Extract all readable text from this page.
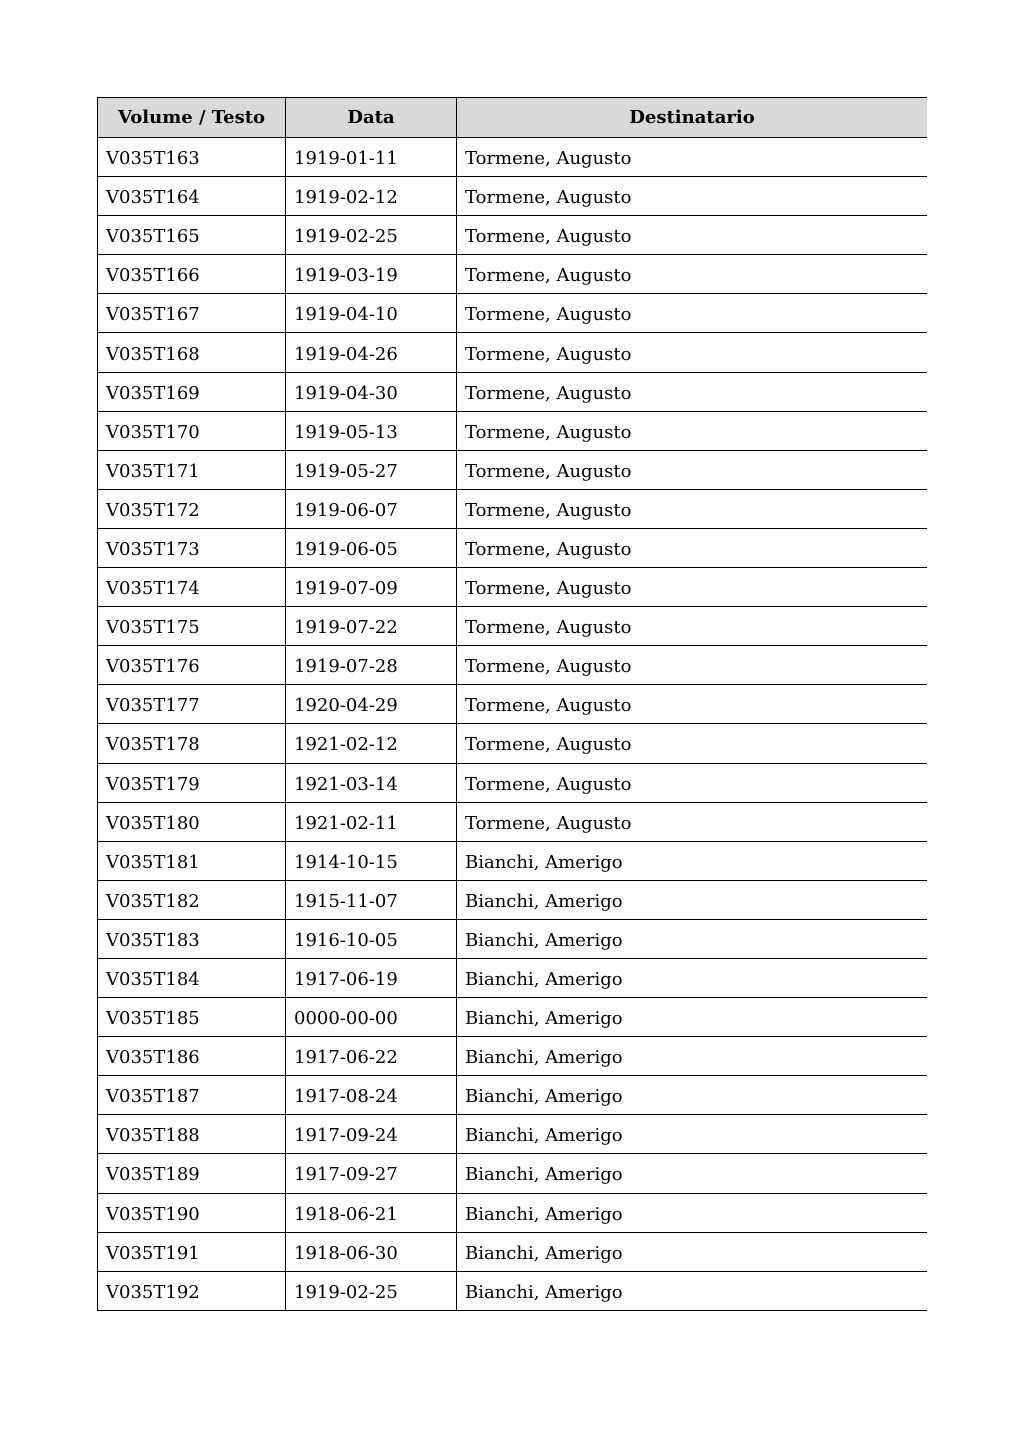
Volume / Testo	Data	Destinatario
V035T163	1919-01-11	Tormene, Augusto
V035T164	1919-02-12	Tormene, Augusto
V035T165	1919-02-25	Tormene, Augusto
V035T166	1919-03-19	Tormene, Augusto
V035T167	1919-04-10	Tormene, Augusto
V035T168	1919-04-26	Tormene, Augusto
V035T169	1919-04-30	Tormene, Augusto
V035T170	1919-05-13	Tormene, Augusto
V035T171	1919-05-27	Tormene, Augusto
V035T172	1919-06-07	Tormene, Augusto
V035T173	1919-06-05	Tormene, Augusto
V035T174	1919-07-09	Tormene, Augusto
V035T175	1919-07-22	Tormene, Augusto
V035T176	1919-07-28	Tormene, Augusto
V035T177	1920-04-29	Tormene, Augusto
V035T178	1921-02-12	Tormene, Augusto
V035T179	1921-03-14	Tormene, Augusto
V035T180	1921-02-11	Tormene, Augusto
V035T181	1914-10-15	Bianchi, Amerigo
V035T182	1915-11-07	Bianchi, Amerigo
V035T183	1916-10-05	Bianchi, Amerigo
V035T184	1917-06-19	Bianchi, Amerigo
V035T185	0000-00-00	Bianchi, Amerigo
V035T186	1917-06-22	Bianchi, Amerigo
V035T187	1917-08-24	Bianchi, Amerigo
V035T188	1917-09-24	Bianchi, Amerigo
V035T189	1917-09-27	Bianchi, Amerigo
V035T190	1918-06-21	Bianchi, Amerigo
V035T191	1918-06-30	Bianchi, Amerigo
V035T192	1919-02-25	Bianchi, Amerigo
